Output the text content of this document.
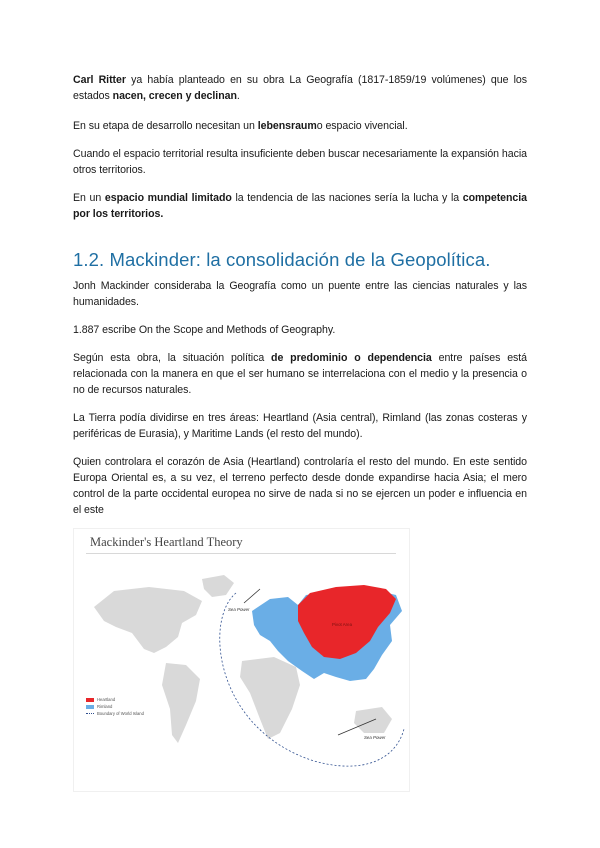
Carl Ritter ya había planteado en su obra La Geografía (1817-1859/19 volúmenes) que los estados nacen, crecen y declinan.

En su etapa de desarrollo necesitan un lebensraumo espacio vivencial.

Cuando el espacio territorial resulta insuficiente deben buscar necesariamente la expansión hacia otros territorios.

En un espacio mundial limitado la tendencia de las naciones sería la lucha y la competencia por los territorios.

1.2. Mackinder: la consolidación de la Geopolítica.

Jonh Mackinder consideraba la Geografía como un puente entre las ciencias naturales y las humanidades.

1.887 escribe On the Scope and Methods of Geography.

Según esta obra, la situación política de predominio o dependencia entre países está relacionada con la manera en que el ser humano se interrelaciona con el medio y la presencia o no de recursos naturales.

La Tierra podía dividirse en tres áreas: Heartland (Asia central), Rimland (las zonas costeras y periféricas de Eurasia), y Maritime Lands (el resto del mundo).

Quien controlara el corazón de Asia (Heartland) controlaría el resto del mundo. En este sentido Europa Oriental es, a su vez, el terreno perfecto desde donde expandirse hacia Asia; el mero control de la parte occidental europea no sirve de nada si no se ejercen un poder e influencia en el este

Mackinder's Heartland Theory
Pivot Area
Sea Power
Sea Power
Heartland
Rimland
Boundary of World Island
